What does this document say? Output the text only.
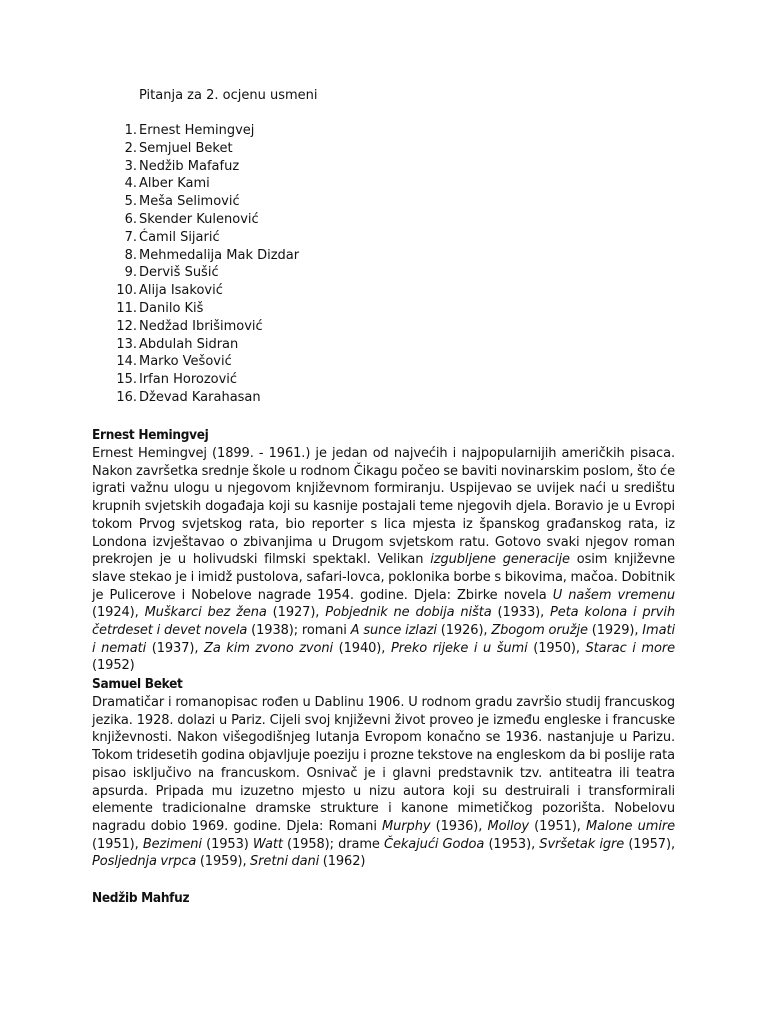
Pitanja za 2. ocjenu usmeni
1. Ernest Hemingvej
2. Semjuel Beket
3. Nedžib Mafafuz
4. Alber Kami
5. Meša Selimović
6. Skender Kulenović
7. Ćamil Sijarić
8. Mehmedalija Mak Dizdar
9. Derviš Sušić
10. Alija Isaković
11. Danilo Kiš
12. Nedžad Ibrišimović
13. Abdulah Sidran
14. Marko Vešović
15. Irfan Horozović
16. Dževad Karahasan
Ernest Hemingvej

Ernest Hemingvej (1899. - 1961.) je jedan od najvećih i najpopularnijih američkih pisaca. Nakon završetka srednje škole u rodnom Čikagu počeo se baviti novinarskim poslom, što će igrati važnu ulogu u njegovom književnom formiranju. Uspijevao se uvijek naći u središtu krupnih svjetskih događaja koji su kasnije postajali teme njegovih djela. Boravio je u Evropi tokom Prvog svjetskog rata, bio reporter s lica mjesta iz španskog građanskog rata, iz Londona izvještavao o zbivanjima u Drugom svjetskom ratu. Gotovo svaki njegov roman prekrojen je u holivudski filmski spektakl. Velikan izgubljene generacije osim književne slave stekao je i imidž pustolova, safari-lovca, poklonika borbe s bikovima, mačoa. Dobitnik je Pulicerove i Nobelove nagrade 1954. godine. Djela: Zbirke novela U našem vremenu (1924), Muškarci bez žena (1927), Pobjednik ne dobija ništa (1933), Peta kolona i prvih četrdeset i devet novela (1938); romani A sunce izlazi (1926), Zbogom oružje (1929), Imati i nemati (1937), Za kim zvono zvoni (1940), Preko rijeke i u šumi (1950), Starac i more (1952)

Samuel Beket

Dramatičar i romanopisac rođen u Dablinu 1906. U rodnom gradu završio studij francuskog jezika. 1928. dolazi u Pariz. Cijeli svoj književni život proveo je između engleske i francuske književnosti. Nakon višegodišnjeg lutanja Evropom konačno se 1936. nastanjuje u Parizu. Tokom tridesetih godina objavljuje poeziju i prozne tekstove na engleskom da bi poslije rata pisao isključivo na francuskom. Osnivač je i glavni predstavnik tzv. antiteatra ili teatra apsurda. Pripada mu izuzetno mjesto u nizu autora koji su destruirali i transformirali elemente tradicionalne dramske strukture i kanone mimetičkog pozorišta. Nobelovu nagradu dobio 1969. godine. Djela: Romani Murphy (1936), Molloy (1951), Malone umire (1951), Bezimeni (1953) Watt (1958); drame Čekajući Godoa (1953), Svršetak igre (1957), Posljednja vrpca (1959), Sretni dani (1962)

Nedžib Mahfuz
